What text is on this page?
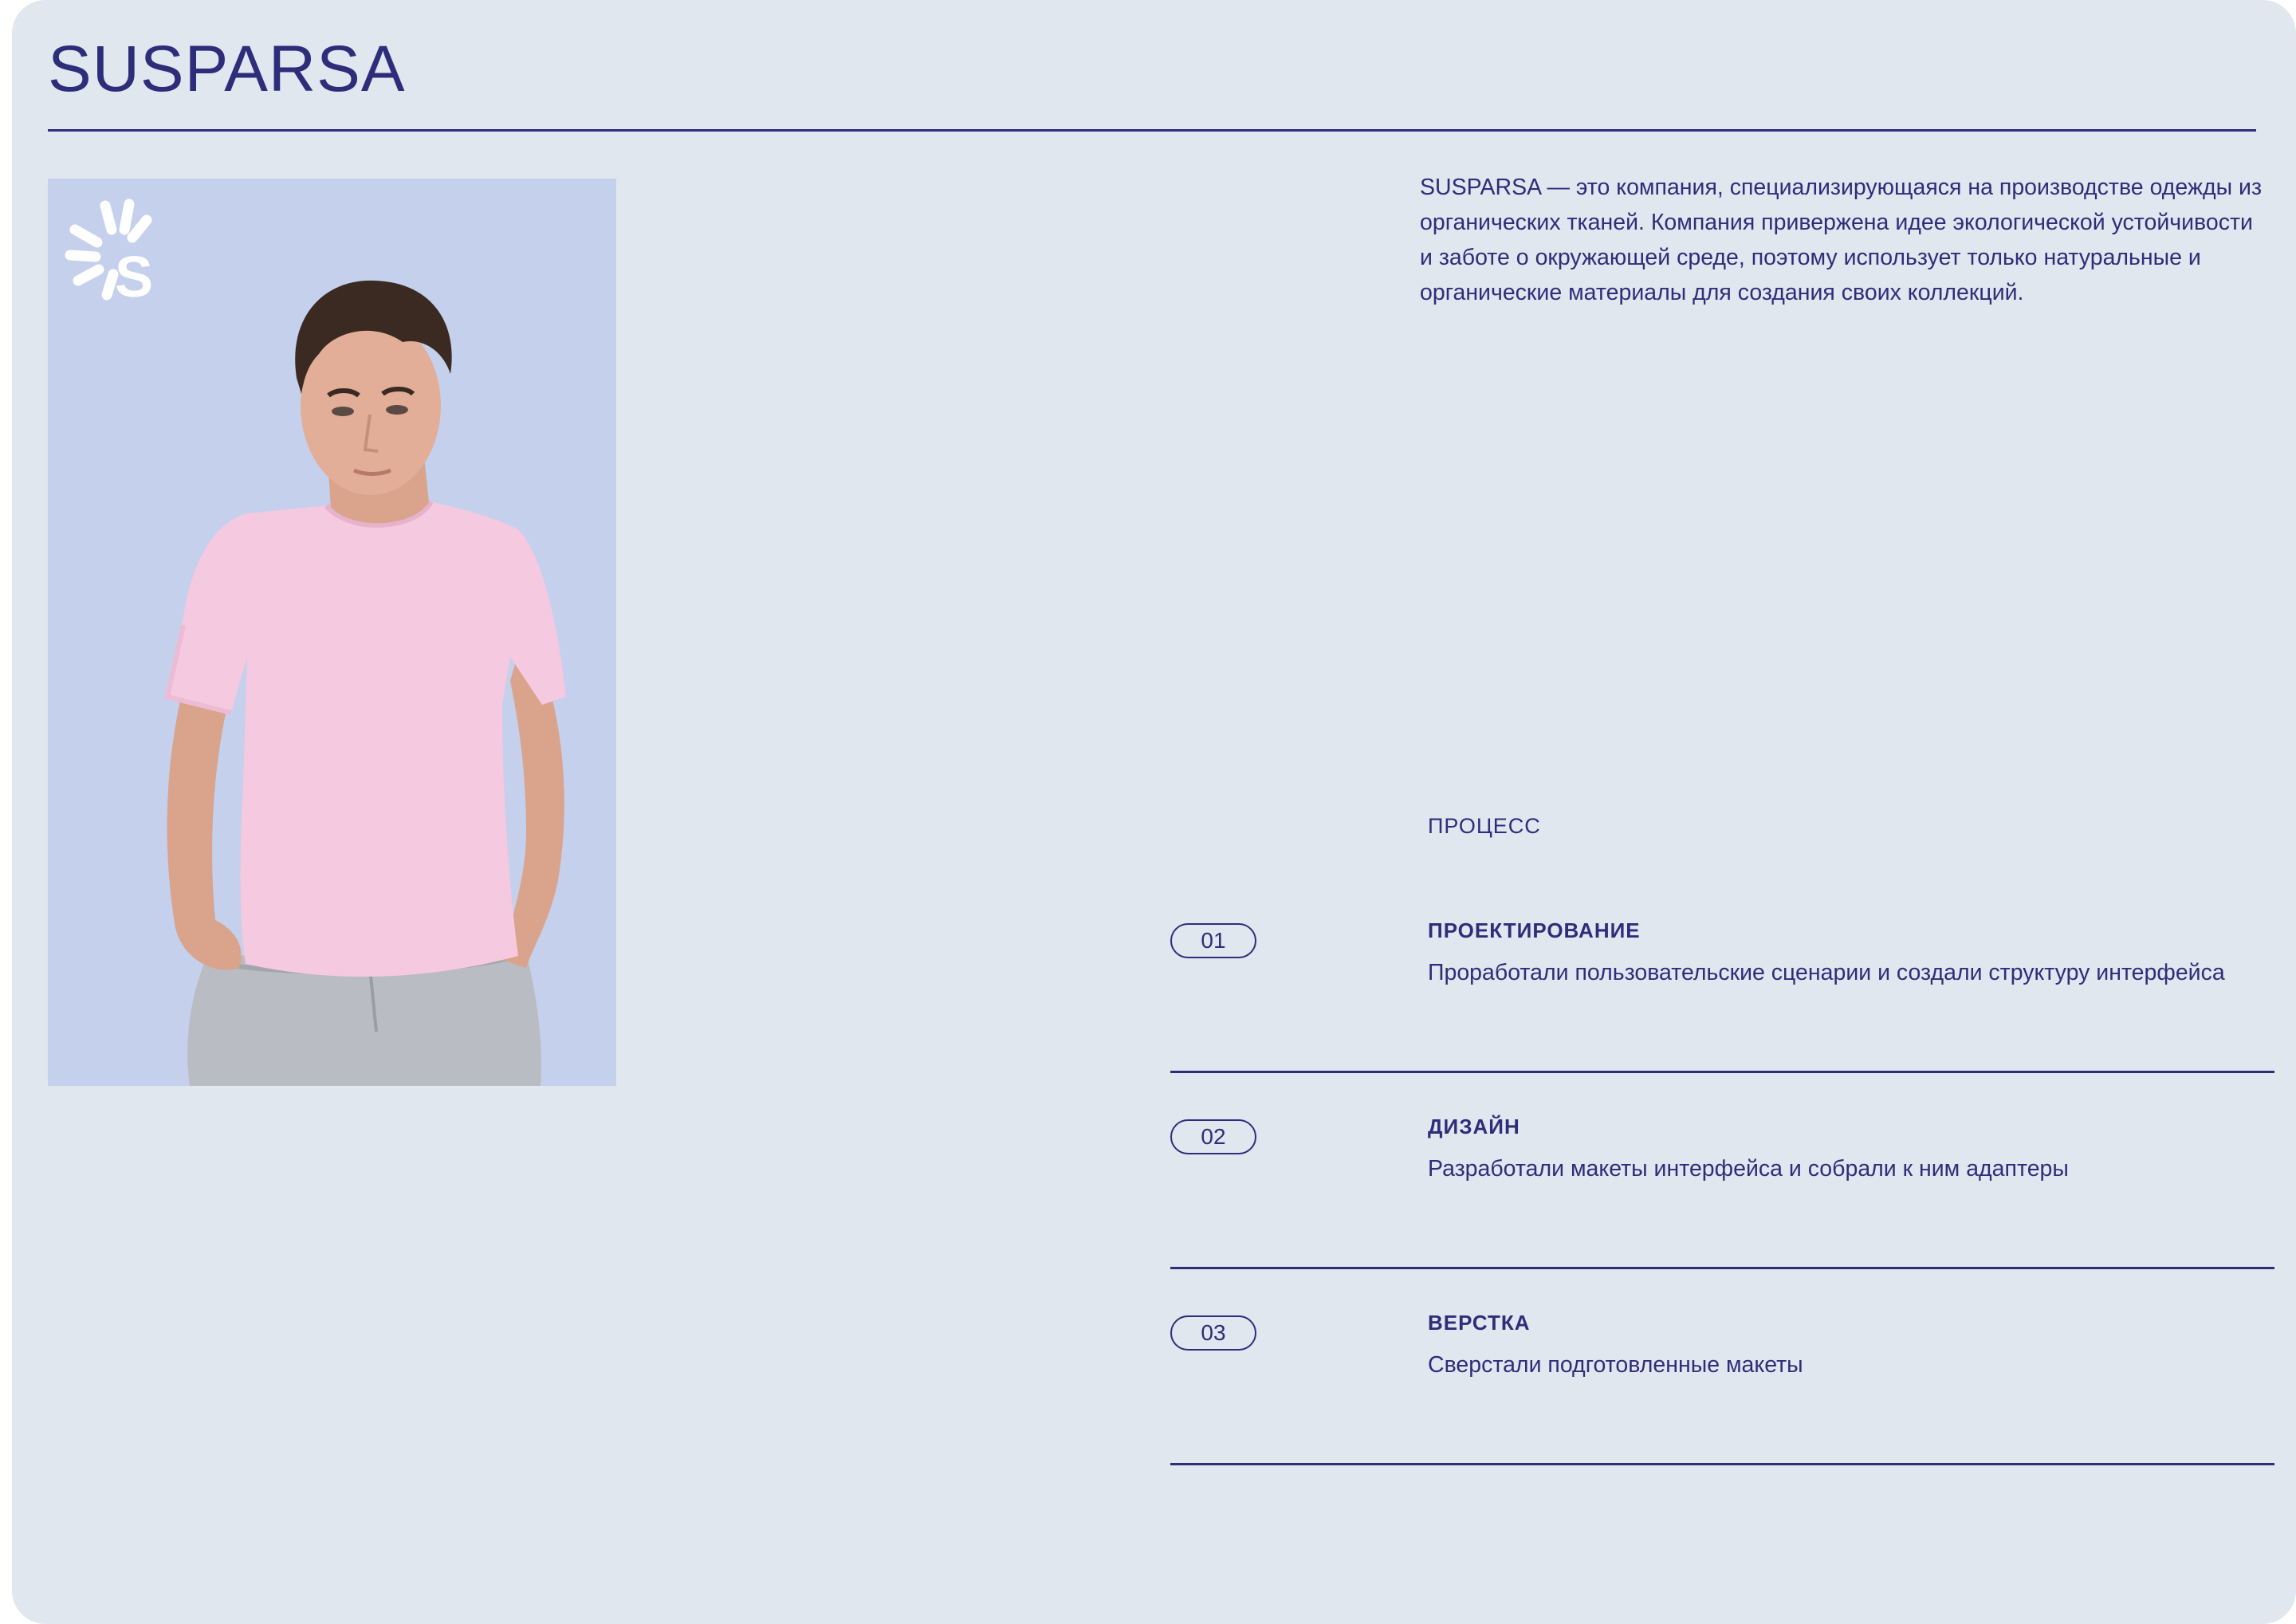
SUSPARSA
S

SUSPARSA — это компания, специализирующаяся на производстве одежды из органических тканей. Компания привержена идее экологической устойчивости и заботе о окружающей среде, поэтому использует только натуральные и органические материалы для создания своих коллекций.

ПРОЦЕСС

01	ПРОЕКТИРОВАНИЕ

Проработали пользовательские сценарии и создали структуру интерфейса

02	ДИЗАЙН

Разработали макеты интерфейса и собрали к ним адаптеры

03	ВЕРСТКА

Сверстали подготовленные макеты
